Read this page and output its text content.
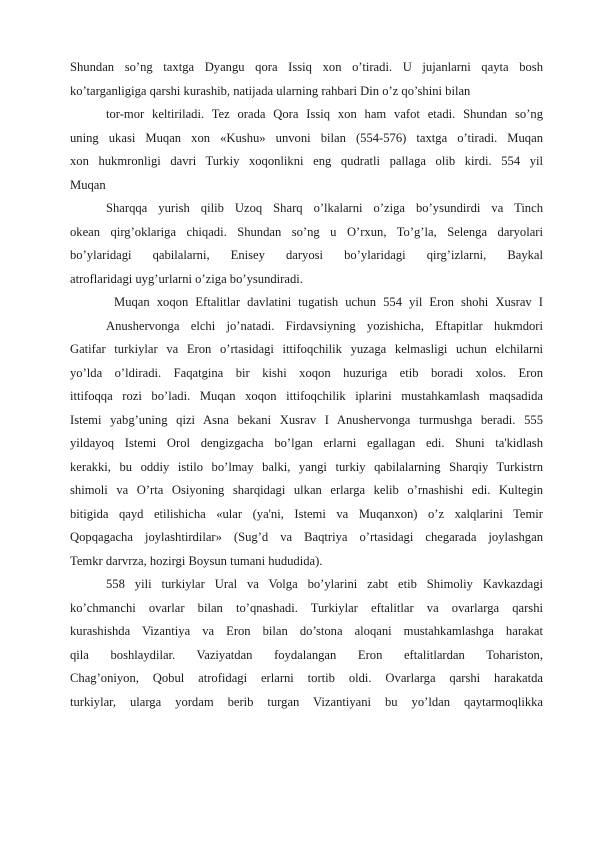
Shundan so’ng taxtga Dyangu qora Issiq xon o’tiradi. U jujanlarni qayta bosh
ko’targanligiga qarshi kurashib, natijada ularning rahbari Din o’z qo’shini bilan
tor-mor keltiriladi. Tez orada Qora Issiq xon ham vafot etadi. Shundan so’ng
uning ukasi Muqan xon «Kushu» unvoni bilan (554-576) taxtga o’tiradi. Muqan
xon hukmronligi davri Turkiy xoqonlikni eng qudratli pallaga olib kirdi. 554 yil
Muqan
Sharqqa yurish qilib Uzoq Sharq o’lkalarni o’ziga bo’ysundirdi va Tinch
okean qirg’oklariga chiqadi. Shundan so’ng u O’rxun, To’g’la, Selenga daryolari
bo’ylaridagi qabilalarni, Enisey daryosi bo’ylaridagi qirg’izlarni, Baykal
atroflaridagi uyg’urlarni o’ziga bo’ysundiradi.
Muqan xoqon Eftalitlar davlatini tugatish uchun 554 yil Eron shohi Xusrav I
Anushervonga elchi jo’natadi. Firdavsiyning yozishicha, Eftapitlar hukmdori
Gatifar turkiylar va Eron o’rtasidagi ittifoqchilik yuzaga kelmasligi uchun elchilarni
yo’lda o’ldiradi. Faqatgina bir kishi xoqon huzuriga etib boradi xolos. Eron
ittifoqqa rozi bo’ladi. Muqan xoqon ittifoqchilik iplarini mustahkamlash maqsadida
Istemi yabg’uning qizi Asna bekani Xusrav I Anushervonga turmushga beradi. 555
yildayoq Istemi Orol dengizgacha bo’lgan erlarni egallagan edi. Shuni ta'kidlash
kerakki, bu oddiy istilo bo’lmay balki, yangi turkiy qabilalarning Sharqiy Turkistrn
shimoli va O’rta Osiyoning sharqidagi ulkan erlarga kelib o’rnashishi edi. Kultegin
bitigida qayd etilishicha «ular (ya'ni, Istemi va Muqanxon) o’z xalqlarini Temir
Qopqagacha joylashtirdilar» (Sug’d va Baqtriya o’rtasidagi chegarada joylashgan
Temkr darvrza, hozirgi Boysun tumani hududida).
558 yili turkiylar Ural va Volga bo’ylarini zabt etib Shimoliy Kavkazdagi
ko’chmanchi ovarlar bilan to’qnashadi. Turkiylar eftalitlar va ovarlarga qarshi
kurashishda Vizantiya va Eron bilan do’stona aloqani mustahkamlashga harakat
qila boshlaydilar. Vaziyatdan foydalangan Eron eftalitlardan Tohariston,
Chag’oniyon, Qobul atrofidagi erlarni tortib oldi. Ovarlarga qarshi harakatda
turkiylar, ularga yordam berib turgan Vizantiyani bu yo’ldan qaytarmoqlikka
